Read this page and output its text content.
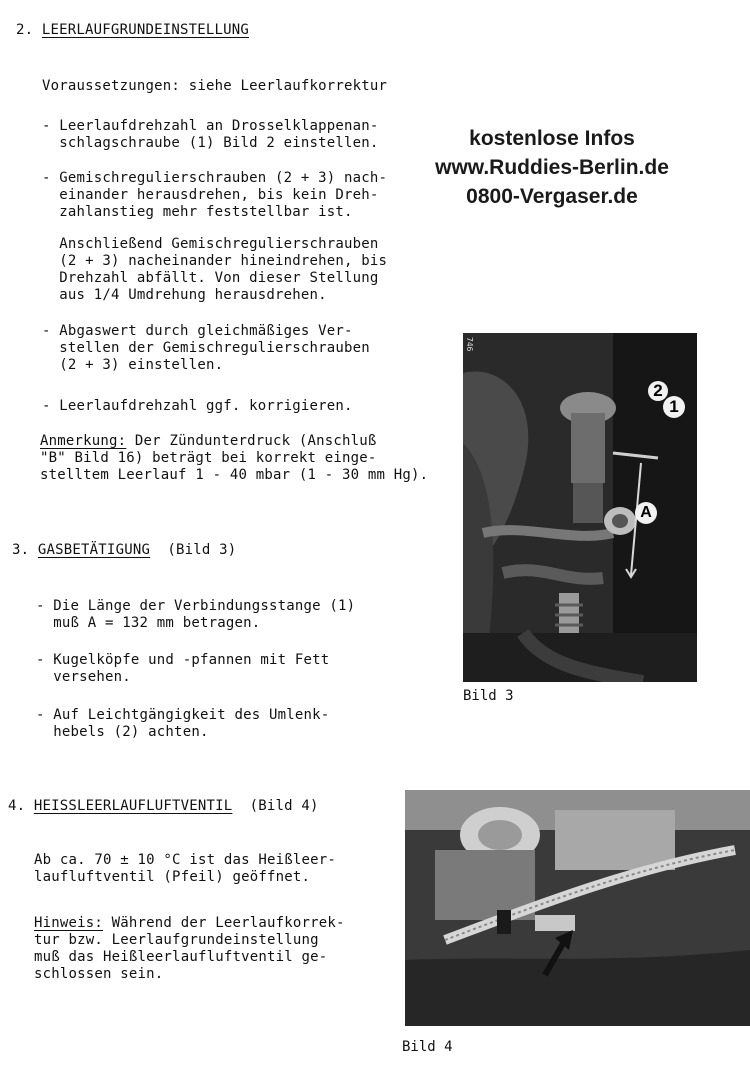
2. LEERLAUFGRUNDEINSTELLUNG
Voraussetzungen: siehe Leerlaufkorrektur
- Leerlaufdrehzahl an Drosselklappenan-
schlagschraube (1) Bild 2 einstellen.
- Gemischregulierschrauben (2 + 3) nach-
einander herausdrehen, bis kein Dreh-
zahlanstieg mehr feststellbar ist.
Anschließend Gemischregulierschrauben
(2 + 3) nacheinander hineindrehen, bis
Drehzahl abfällt. Von dieser Stellung
aus 1/4 Umdrehung herausdrehen.
- Abgaswert durch gleichmäßiges Ver-
stellen der Gemischregulierschrauben
(2 + 3) einstellen.
- Leerlaufdrehzahl ggf. korrigieren.
Anmerkung: Der Zündunterdruck (Anschluß
"B" Bild 16) beträgt bei korrekt einge-
stelltem Leerlauf 1 - 40 mbar (1 - 30 mm Hg).
kostenlose Infos
www.Ruddies-Berlin.de
0800-Vergaser.de
746
2
1
A
Bild 3
3. GASBETÄTIGUNG (Bild 3)
- Die Länge der Verbindungsstange (1)
muß A = 132 mm betragen.
- Kugelköpfe und -pfannen mit Fett
versehen.
- Auf Leichtgängigkeit des Umlenk-
hebels (2) achten.
4. HEISSLEERLAUFLUFTVENTIL (Bild 4)
Ab ca. 70 ± 10 °C ist das Heißleer-
laufluftventil (Pfeil) geöffnet.
Hinweis: Während der Leerlaufkorrek-
tur bzw. Leerlaufgrundeinstellung
muß das Heißleerlaufluftventil ge-
schlossen sein.
Bild 4
